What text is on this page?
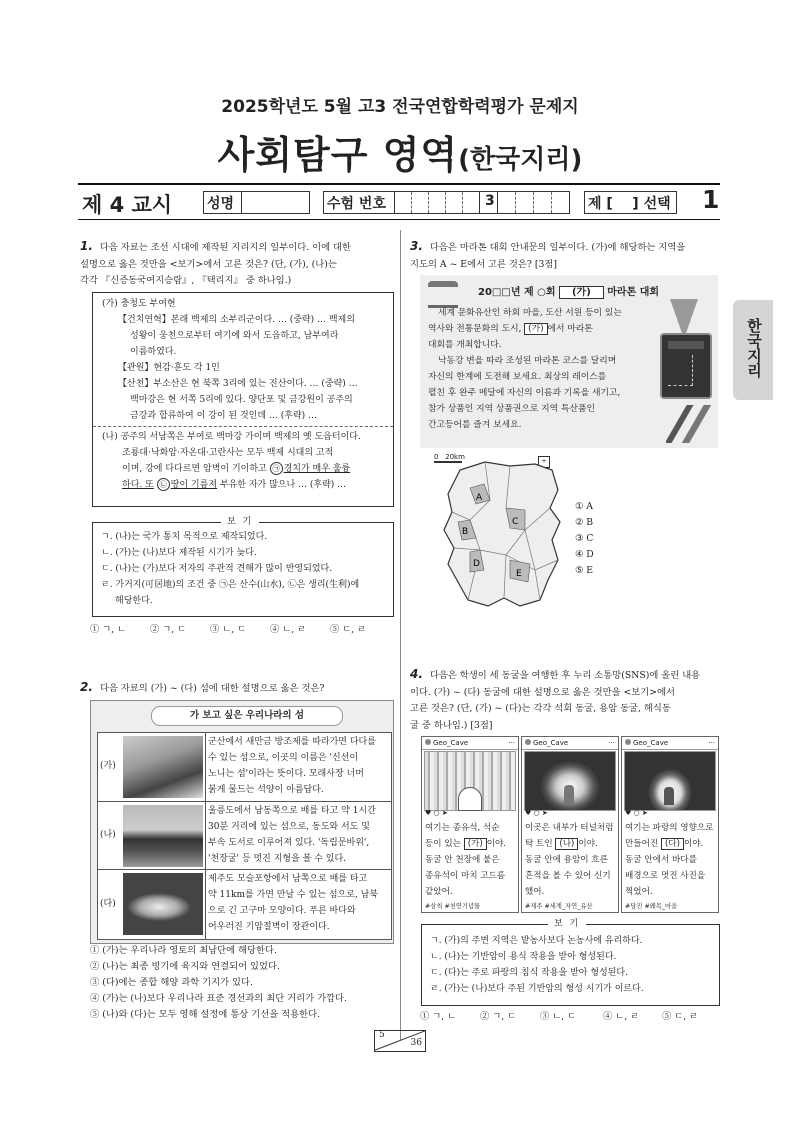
2025학년도 5월 고3 전국연합학력평가 문제지
사회탐구 영역(한국지리)
제 4 교시 성명	수험 번호	3	제 [    ] 선택 1
한국지리
1. 다음 자료는 조선 시대에 제작된 지리지의 일부이다. 이에 대한
설명으로 옳은 것만을 <보기>에서 고른 것은? (단, (가), (나)는
각각 『신증동국여지승람』, 『택리지』 중 하나임.)
(가) 충청도 부여현
【건치연혁】본래 백제의 소부리군이다. … (중략) … 백제의
성왕이 웅천으로부터 여기에 와서 도읍하고, 남부여라
이름하였다.
【관원】현감·훈도 각 1인
【산천】부소산은 현 북쪽 3리에 있는 진산이다. … (중략) …
백마강은 현 서쪽 5리에 있다. 양단포 및 금강원이 공주의
금강과 합류하여 이 강이 된 것인데 … (후략) …
(나) 공주의 서남쪽은 부여로 백마강 가이며 백제의 옛 도읍터이다.
조룡대·낙화암·자온대·고란사는 모두 백제 시대의 고적
이며, 강에 다다르면 암벽이 기이하고 ㉠ 경치가 매우 훌륭
하다. 또 ㉡ 땅이 기름져 부유한 자가 많으나 … (후략) …
보 기
ㄱ. (나)는 국가 통치 목적으로 제작되었다.
ㄴ. (가)는 (나)보다 제작된 시기가 늦다.
ㄷ. (나)는 (가)보다 저자의 주관적 견해가 많이 반영되었다.
ㄹ. 가거지(可居地)의 조건 중 ㉠은 산수(山水), ㉡은 생리(生利)에
해당한다.
① ㄱ, ㄴ	② ㄱ, ㄷ	③ ㄴ, ㄷ	④ ㄴ, ㄹ	⑤ ㄷ, ㄹ
2. 다음 자료의 (가) ~ (다) 섬에 대한 설명으로 옳은 것은?
가 보고 싶은 우리나라의 섬
(가)
군산에서 새만금 방조제를 따라가면 다다를
수 있는 섬으로, 이곳의 이름은 '신선이
노니는 섬'이라는 뜻이다. 모래사장 너머
붉게 물드는 석양이 아름답다.
(나)
울릉도에서 남동쪽으로 배를 타고 약 1시간
30분 거리에 있는 섬으로, 동도와 서도 및
부속 도서로 이루어져 있다. '독립문바위',
'천장굴' 등 멋진 지형을 볼 수 있다.
(다)
제주도 모슬포항에서 남쪽으로 배를 타고
약 11km를 가면 만날 수 있는 섬으로, 남북
으로 긴 고구마 모양이다. 푸른 바다와
어우러진 기암절벽이 장관이다.
① (가)는 우리나라 영토의 최남단에 해당한다.
② (나)는 최종 빙기에 육지와 연결되어 있었다.
③ (다)에는 종합 해양 과학 기지가 있다.
④ (가)는 (나)보다 우리나라 표준 경선과의 최단 거리가 가깝다.
⑤ (나)와 (다)는 모두 영해 설정에 통상 기선을 적용한다.
3. 다음은 마라톤 대회 안내문의 일부이다. (가)에 해당하는 지역을
지도의 A ~ E에서 고른 것은? [3점]
20□□년 제 ○회 (가) 마라톤 대회
세계 문화유산인 하회 마을, 도산 서원 등이 있는
역사와 전통문화의 도시, (가) 에서 마라톤
대회를 개최합니다.
낙동강 변을 따라 조성된 마라톤 코스를 달리며
자신의 한계에 도전해 보세요. 최상의 레이스를
펼친 후 완주 메달에 자신의 이름과 기록을 새기고,
참가 상품인 지역 상품권으로 지역 특산품인
간고등어를 즐겨 보세요.
0   20km
+
A
B
C
D
E
① A
② B
③ C
④ D
⑤ E
4. 다음은 학생이 세 동굴을 여행한 후 누리 소통망(SNS)에 올린 내용
이다. (가) ~ (다) 동굴에 대한 설명으로 옳은 것만을 <보기>에서
고른 것은? (단, (가) ~ (다)는 각각 석회 동굴, 용암 동굴, 해식동
굴 중 하나임.) [3점]
Geo_Cave	···
♥ ○ ➤
여기는 종유석, 석순
등이 있는 (가) 이야.
동굴 안 천장에 붙은
종유석이 마치 고드름
같았어.
#삼척 #천연기념물
Geo_Cave	···
♥ ○ ➤
이곳은 내부가 터널처럼
탁 트인 (나) 이야.
동굴 안에 용암이 흐른
흔적을 볼 수 있어 신기
했어.
#제주 #세계_자연_유산
Geo_Cave	···
♥ ○ ➤
여기는 파랑의 영향으로
만들어진 (다) 이야.
동굴 안에서 바다를
배경으로 멋진 사진을
찍었어.
#당진 #왜목_마을
보 기
ㄱ. (가)의 주변 지역은 밭농사보다 논농사에 유리하다.
ㄴ. (나)는 기반암이 용식 작용을 받아 형성된다.
ㄷ. (다)는 주로 파랑의 침식 작용을 받아 형성된다.
ㄹ. (가)는 (나)보다 주된 기반암의 형성 시기가 이르다.
① ㄱ, ㄴ	② ㄱ, ㄷ	③ ㄴ, ㄷ	④ ㄴ, ㄹ ⑤ ㄷ, ㄹ
5
36
